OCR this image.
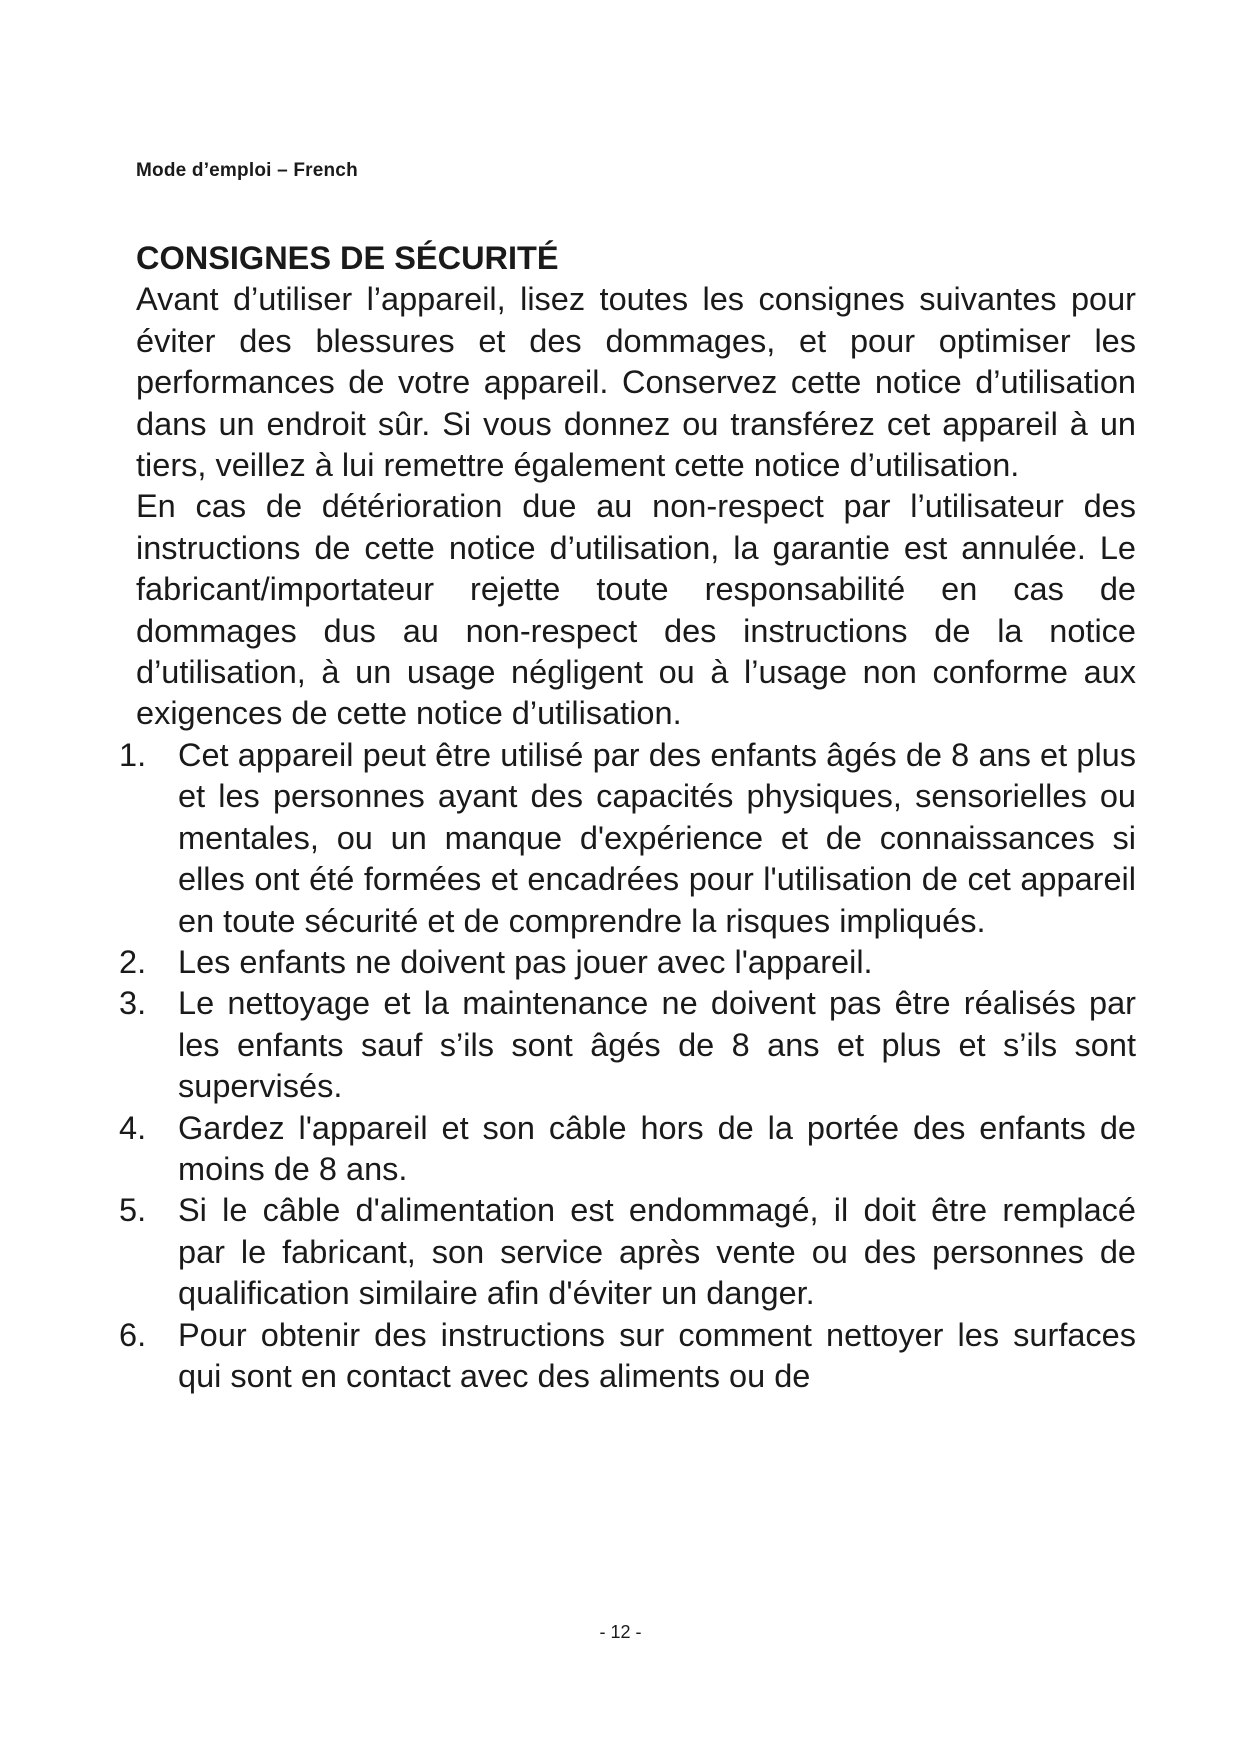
Mode d’emploi – French
CONSIGNES DE SÉCURITÉ

Avant d’utiliser l’appareil, lisez toutes les consignes suivantes pour éviter des blessures et des dommages, et pour optimiser les performances de votre appareil. Conservez cette notice d’utilisation dans un endroit sûr. Si vous donnez ou transférez cet appareil à un tiers, veillez à lui remettre également cette notice d’utilisation.

En cas de détérioration due au non-respect par l’utilisateur des instructions de cette notice d’utilisation, la garantie est annulée. Le fabricant/importateur rejette toute responsabilité en cas de dommages dus au non-respect des instructions de la notice d’utilisation, à un usage négligent ou à l’usage non conforme aux exigences de cette notice d’utilisation.

1. Cet appareil peut être utilisé par des enfants âgés de 8 ans et plus et les personnes ayant des capacités physiques, sensorielles ou mentales, ou un manque d'expérience et de connaissances si elles ont été formées et encadrées pour l'utilisation de cet appareil en toute sécurité et de comprendre la risques impliqués.
2. Les enfants ne doivent pas jouer avec l'appareil.
3. Le nettoyage et la maintenance ne doivent pas être réalisés par les enfants sauf s’ils sont âgés de 8 ans et plus et s’ils sont supervisés.
4. Gardez l'appareil et son câble hors de la portée des enfants de moins de 8 ans.
5. Si le câble d'alimentation est endommagé, il doit être remplacé par le fabricant, son service après vente ou des personnes de qualification similaire afin d'éviter un danger.
6. Pour obtenir des instructions sur comment nettoyer les surfaces qui sont en contact avec des aliments ou de
- 12 -
